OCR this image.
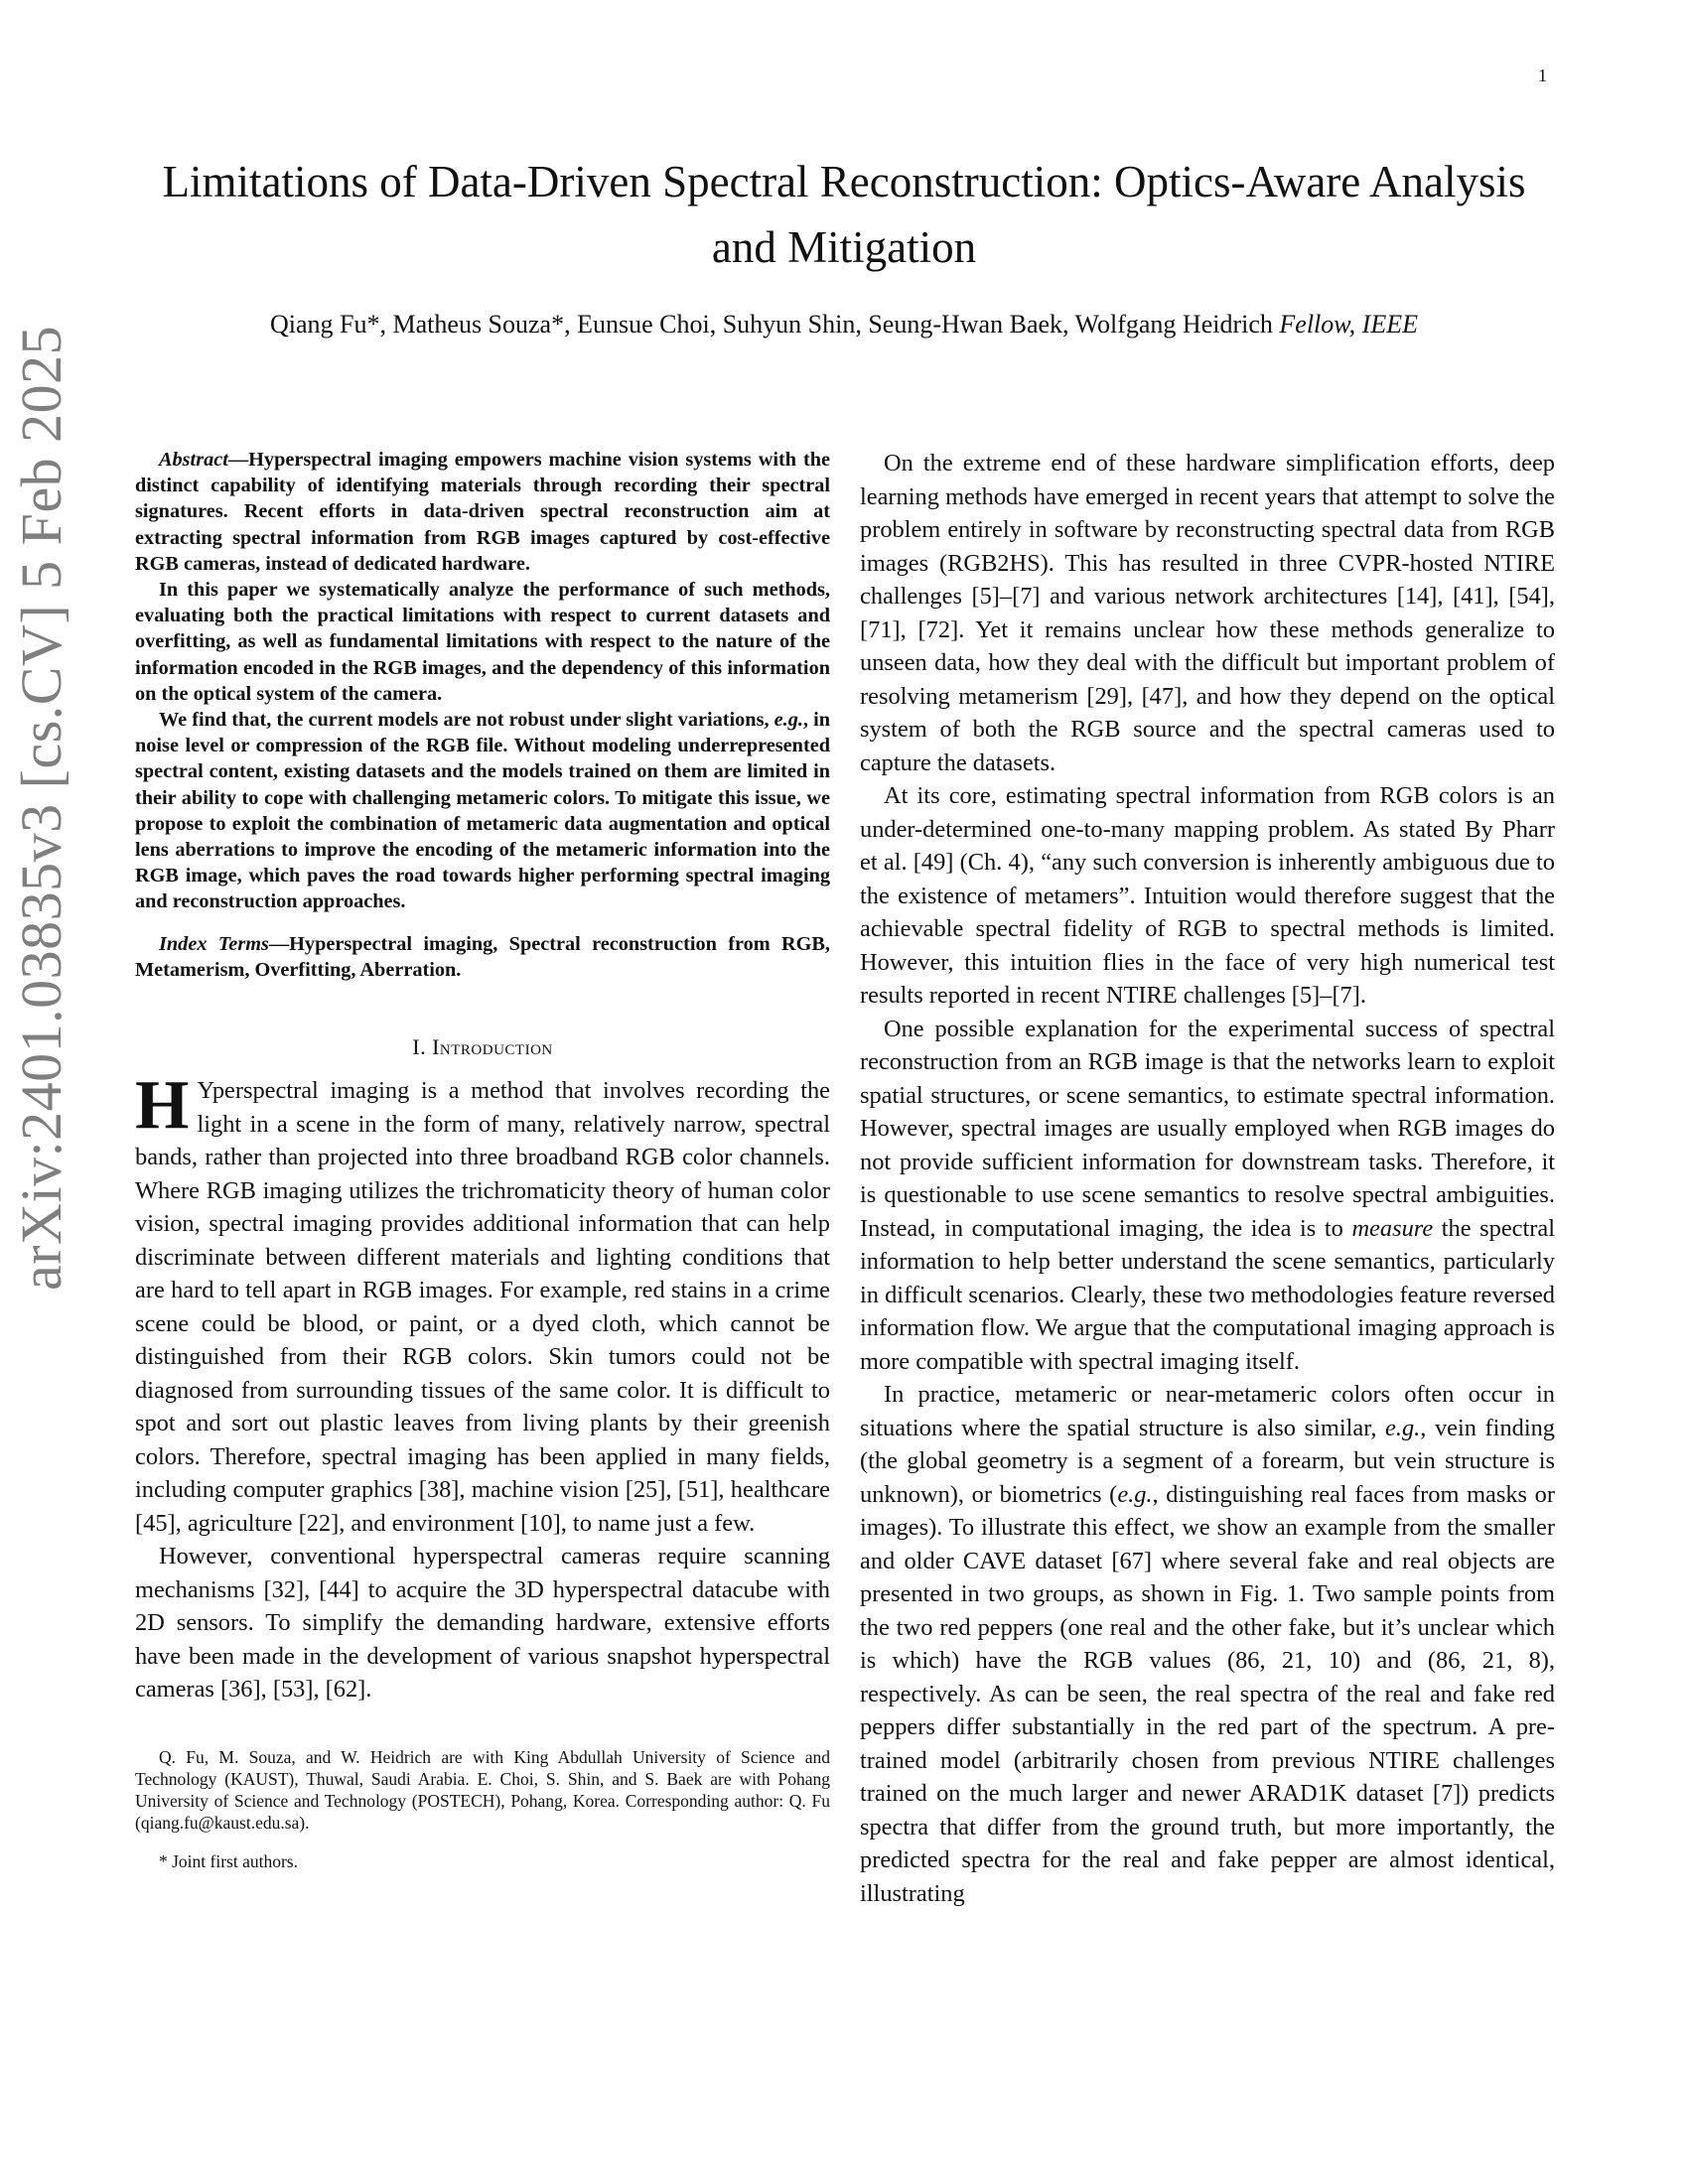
1
arXiv:2401.03835v3 [cs.CV] 5 Feb 2025
Limitations of Data-Driven Spectral Reconstruction: Optics-Aware Analysis and Mitigation
Qiang Fu*, Matheus Souza*, Eunsue Choi, Suhyun Shin, Seung-Hwan Baek, Wolfgang Heidrich Fellow, IEEE

Abstract—Hyperspectral imaging empowers machine vision systems with the distinct capability of identifying materials through recording their spectral signatures. Recent efforts in data-driven spectral reconstruction aim at extracting spectral information from RGB images captured by cost-effective RGB cameras, instead of dedicated hardware.

In this paper we systematically analyze the performance of such methods, evaluating both the practical limitations with respect to current datasets and overfitting, as well as fundamental limitations with respect to the nature of the information encoded in the RGB images, and the dependency of this information on the optical system of the camera.

We find that, the current models are not robust under slight variations, e.g., in noise level or compression of the RGB file. Without modeling underrepresented spectral content, existing datasets and the models trained on them are limited in their ability to cope with challenging metameric colors. To mitigate this issue, we propose to exploit the combination of metameric data augmentation and optical lens aberrations to improve the encoding of the metameric information into the RGB image, which paves the road towards higher performing spectral imaging and reconstruction approaches.

Index Terms—Hyperspectral imaging, Spectral reconstruction from RGB, Metamerism, Overfitting, Aberration.

I. Introduction

H Yperspectral imaging is a method that involves recording the light in a scene in the form of many, relatively narrow, spectral bands, rather than projected into three broadband RGB color channels. Where RGB imaging utilizes the trichromaticity theory of human color vision, spectral imaging provides additional information that can help discriminate between different materials and lighting conditions that are hard to tell apart in RGB images. For example, red stains in a crime scene could be blood, or paint, or a dyed cloth, which cannot be distinguished from their RGB colors. Skin tumors could not be diagnosed from surrounding tissues of the same color. It is difficult to spot and sort out plastic leaves from living plants by their greenish colors. Therefore, spectral imaging has been applied in many fields, including computer graphics [38], machine vision [25], [51], healthcare [45], agriculture [22], and environment [10], to name just a few.

However, conventional hyperspectral cameras require scanning mechanisms [32], [44] to acquire the 3D hyperspectral datacube with 2D sensors. To simplify the demanding hardware, extensive efforts have been made in the development of various snapshot hyperspectral cameras [36], [53], [62].

Q. Fu, M. Souza, and W. Heidrich are with King Abdullah University of Science and Technology (KAUST), Thuwal, Saudi Arabia. E. Choi, S. Shin, and S. Baek are with Pohang University of Science and Technology (POSTECH), Pohang, Korea. Corresponding author: Q. Fu (qiang.fu@kaust.edu.sa).

* Joint first authors.

On the extreme end of these hardware simplification efforts, deep learning methods have emerged in recent years that attempt to solve the problem entirely in software by reconstructing spectral data from RGB images (RGB2HS). This has resulted in three CVPR-hosted NTIRE challenges [5]–[7] and various network architectures [14], [41], [54], [71], [72]. Yet it remains unclear how these methods generalize to unseen data, how they deal with the difficult but important problem of resolving metamerism [29], [47], and how they depend on the optical system of both the RGB source and the spectral cameras used to capture the datasets.

At its core, estimating spectral information from RGB colors is an under-determined one-to-many mapping problem. As stated By Pharr et al. [49] (Ch. 4), “any such conversion is inherently ambiguous due to the existence of metamers”. Intuition would therefore suggest that the achievable spectral fidelity of RGB to spectral methods is limited. However, this intuition flies in the face of very high numerical test results reported in recent NTIRE challenges [5]–[7].

One possible explanation for the experimental success of spectral reconstruction from an RGB image is that the networks learn to exploit spatial structures, or scene semantics, to estimate spectral information. However, spectral images are usually employed when RGB images do not provide sufficient information for downstream tasks. Therefore, it is questionable to use scene semantics to resolve spectral ambiguities. Instead, in computational imaging, the idea is to measure the spectral information to help better understand the scene semantics, particularly in difficult scenarios. Clearly, these two methodologies feature reversed information flow. We argue that the computational imaging approach is more compatible with spectral imaging itself.

In practice, metameric or near-metameric colors often occur in situations where the spatial structure is also similar, e.g., vein finding (the global geometry is a segment of a forearm, but vein structure is unknown), or biometrics (e.g., distinguishing real faces from masks or images). To illustrate this effect, we show an example from the smaller and older CAVE dataset [67] where several fake and real objects are presented in two groups, as shown in Fig. 1. Two sample points from the two red peppers (one real and the other fake, but it’s unclear which is which) have the RGB values (86, 21, 10) and (86, 21, 8), respectively. As can be seen, the real spectra of the real and fake red peppers differ substantially in the red part of the spectrum. A pre-trained model (arbitrarily chosen from previous NTIRE challenges trained on the much larger and newer ARAD1K dataset [7]) predicts spectra that differ from the ground truth, but more importantly, the predicted spectra for the real and fake pepper are almost identical, illustrating
